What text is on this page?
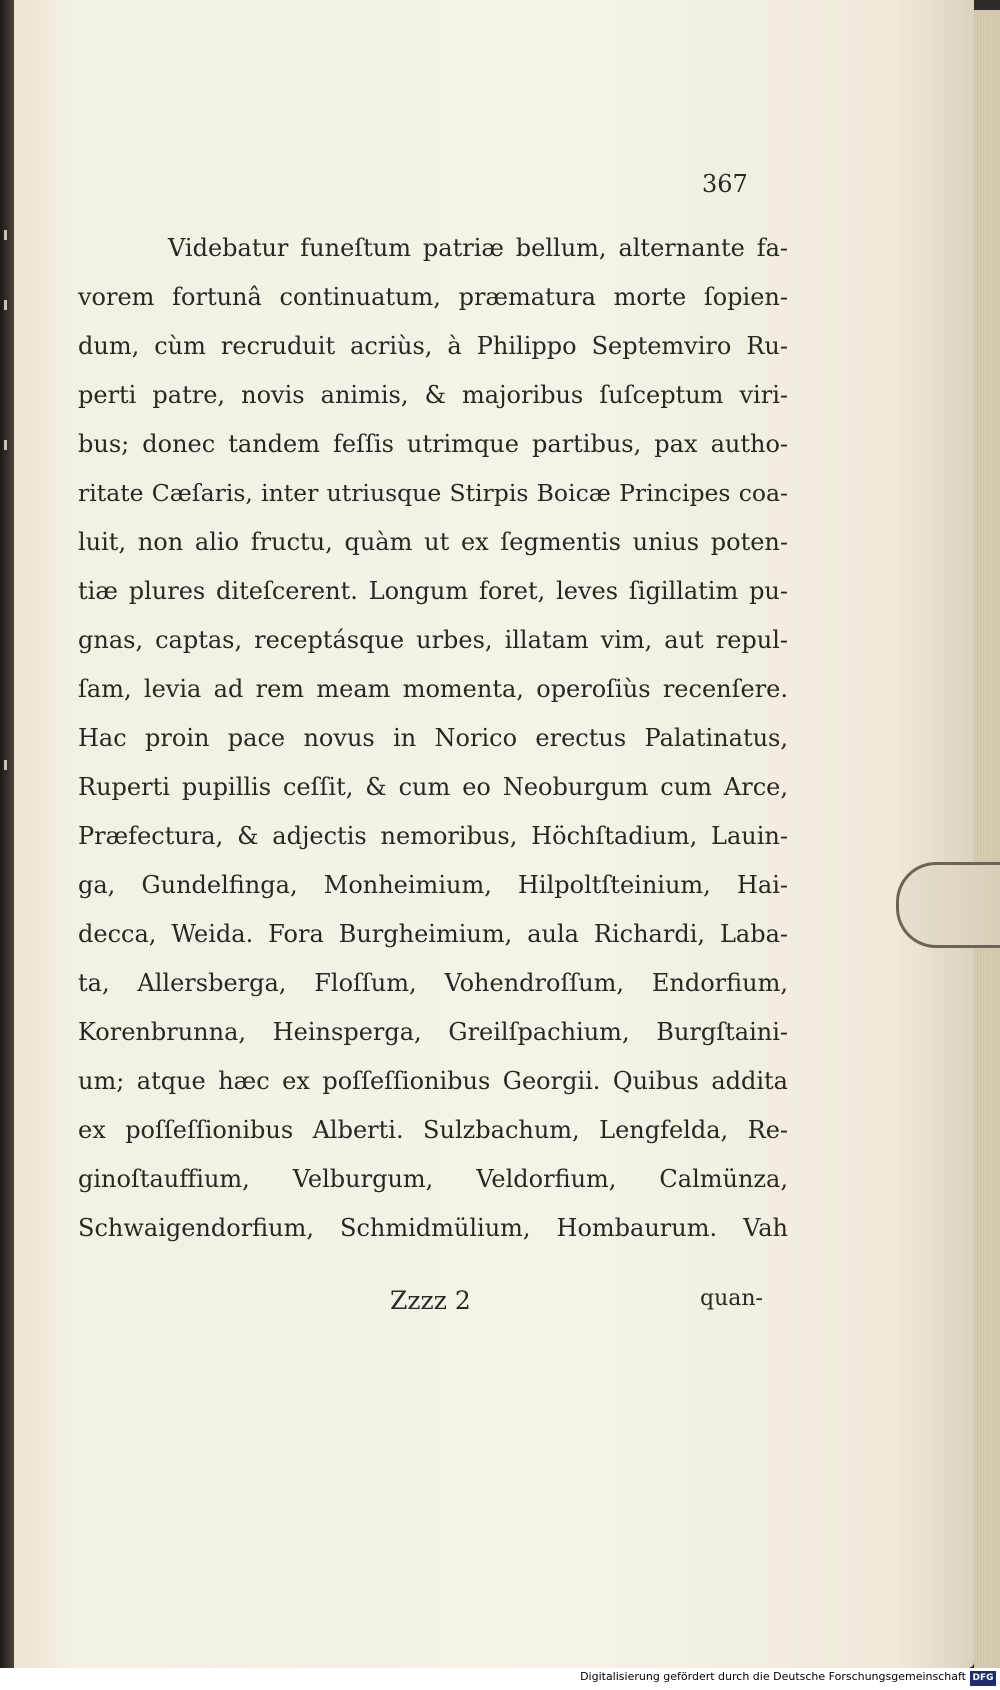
367
Videbatur funeſtum patriæ bellum, alternante fa-
vorem fortunâ continuatum, præmatura morte ſopien-
dum, cùm recruduit acriùs, à Philippo Septemviro Ru-
perti patre, novis animis, & majoribus ſuſceptum viri-
bus; donec tandem feſſis utrimque partibus, pax autho-
ritate Cæſaris, inter utriusque Stirpis Boicæ Principes coa-
luit, non alio fructu, quàm ut ex ſegmentis unius poten-
tiæ plures diteſcerent. Longum foret, leves ſigillatim pu-
gnas, captas, receptásque urbes, illatam vim, aut repul-
ſam, levia ad rem meam momenta, operoſiùs recenſere.
Hac proin pace novus in Norico erectus Palatinatus,
Ruperti pupillis ceſſit, & cum eo Neoburgum cum Arce,
Præfectura, & adjectis nemoribus, Höchſtadium, Lauin-
ga, Gundelfinga, Monheimium, Hilpoltſteinium, Hai-
decca, Weida. Fora Burgheimium, aula Richardi, Laba-
ta, Allersberga, Floſſum, Vohendroſſum, Endorfium,
Korenbrunna, Heinsperga, Greilſpachium, Burgſtaini-
um; atque hæc ex poſſeſſionibus Georgii. Quibus addita
ex poſſeſſionibus Alberti. Sulzbachum, Lengfelda, Re-
ginoſtauffium, Velburgum, Veldorfium, Calmünza,
Schwaigendorfium, Schmidmülium, Hombaurum. Vah
Zzzz 2	quan-
Digitalisierung gefördert durch die Deutsche Forschungsgemeinschaft DFG
